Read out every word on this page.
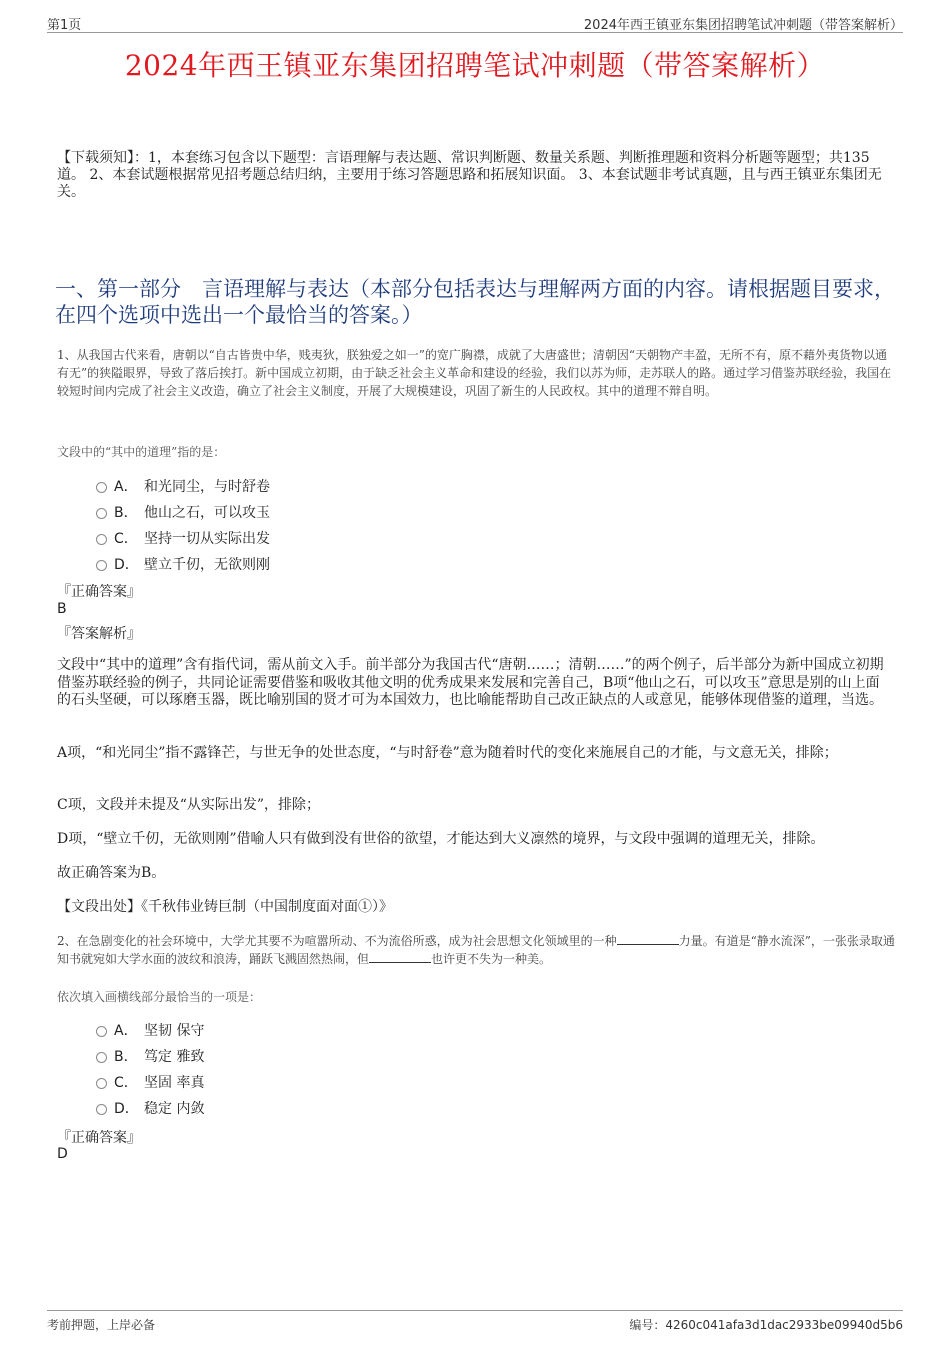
第1页	2024年西王镇亚东集团招聘笔试冲刺题（带答案解析）
2024年西王镇亚东集团招聘笔试冲刺题（带答案解析）
【下载须知】：1，本套练习包含以下题型：言语理解与表达题、常识判断题、数量关系题、判断推理题和资料分析题等题型；共135道。 2、本套试题根据常见招考题总结归纳，主要用于练习答题思路和拓展知识面。 3、本套试题非考试真题，且与西王镇亚东集团无关。
一、第一部分　言语理解与表达（本部分包括表达与理解两方面的内容。请根据题目要求，在四个选项中选出一个最恰当的答案。）
1、从我国古代来看，唐朝以“自古皆贵中华，贱夷狄，朕独爱之如一”的宽广胸襟，成就了大唐盛世；清朝因“天朝物产丰盈，无所不有，原不藉外夷货物以通有无”的狭隘眼界，导致了落后挨打。新中国成立初期，由于缺乏社会主义革命和建设的经验，我们以苏为师，走苏联人的路。通过学习借鉴苏联经验，我国在较短时间内完成了社会主义改造，确立了社会主义制度，开展了大规模建设，巩固了新生的人民政权。其中的道理不辩自明。
文段中的“其中的道理”指的是：
A． 和光同尘，与时舒卷
B． 他山之石，可以攻玉
C． 坚持一切从实际出发
D． 壁立千仞，无欲则刚
『正确答案』
B
『答案解析』
文段中“其中的道理”含有指代词，需从前文入手。前半部分为我国古代“唐朝……；清朝……”的两个例子，后半部分为新中国成立初期借鉴苏联经验的例子，共同论证需要借鉴和吸收其他文明的优秀成果来发展和完善自己，B项“他山之石，可以攻玉”意思是别的山上面的石头坚硬，可以琢磨玉器，既比喻别国的贤才可为本国效力，也比喻能帮助自己改正缺点的人或意见，能够体现借鉴的道理，当选。
A项，“和光同尘”指不露锋芒，与世无争的处世态度，“与时舒卷”意为随着时代的变化来施展自己的才能，与文意无关，排除；
C项，文段并未提及“从实际出发”，排除；
D项，“壁立千仞，无欲则刚”借喻人只有做到没有世俗的欲望，才能达到大义凛然的境界，与文段中强调的道理无关，排除。
故正确答案为B。
【文段出处】《千秋伟业铸巨制（中国制度面对面①）》
2、在急剧变化的社会环境中，大学尤其要不为喧嚣所动、不为流俗所惑，成为社会思想文化领域里的一种	力量。有道是“静水流深”，一张张录取通知书就宛如大学水面的波纹和浪涛，踊跃飞溅固然热闹，但	也许更不失为一种美。
依次填入画横线部分最恰当的一项是：
A． 坚韧 保守
B． 笃定 雅致
C． 坚固 率真
D． 稳定 内敛
『正确答案』
D
考前押题，上岸必备	编号：4260c041afa3d1dac2933be09940d5b6
